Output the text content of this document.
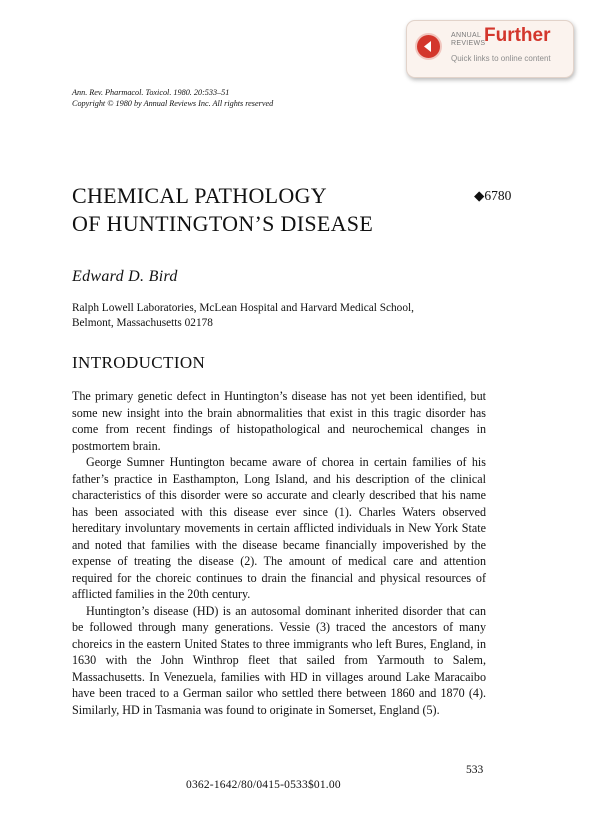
ANNUAL
REVIEWS
Further
Quick links to online content
Ann. Rev. Pharmacol. Toxicol. 1980. 20:533–51
Copyright © 1980 by Annual Reviews Inc. All rights reserved
CHEMICAL PATHOLOGY
OF HUNTINGTON’S DISEASE
◆6780
Edward D. Bird
Ralph Lowell Laboratories, McLean Hospital and Harvard Medical School,
Belmont, Massachusetts 02178
INTRODUCTION

The primary genetic defect in Huntington’s disease has not yet been identified, but some new insight into the brain abnormalities that exist in this tragic disorder has come from recent findings of histopathological and neurochemical changes in postmortem brain.

George Sumner Huntington became aware of chorea in certain families of his father’s practice in Easthampton, Long Island, and his description of the clinical characteristics of this disorder were so accurate and clearly described that his name has been associated with this disease ever since (1). Charles Waters observed hereditary involuntary movements in certain afflicted individuals in New York State and noted that families with the disease became financially impoverished by the expense of treating the disease (2). The amount of medical care and attention required for the choreic continues to drain the financial and physical resources of afflicted families in the 20th century.

Huntington’s disease (HD) is an autosomal dominant inherited disorder that can be followed through many generations. Vessie (3) traced the ancestors of many choreics in the eastern United States to three immigrants who left Bures, England, in 1630 with the John Winthrop fleet that sailed from Yarmouth to Salem, Massachusetts. In Venezuela, families with HD in villages around Lake Maracaibo have been traced to a German sailor who settled there between 1860 and 1870 (4). Similarly, HD in Tasmania was found to originate in Somerset, England (5).

533
0362-1642/80/0415-0533$01.00
